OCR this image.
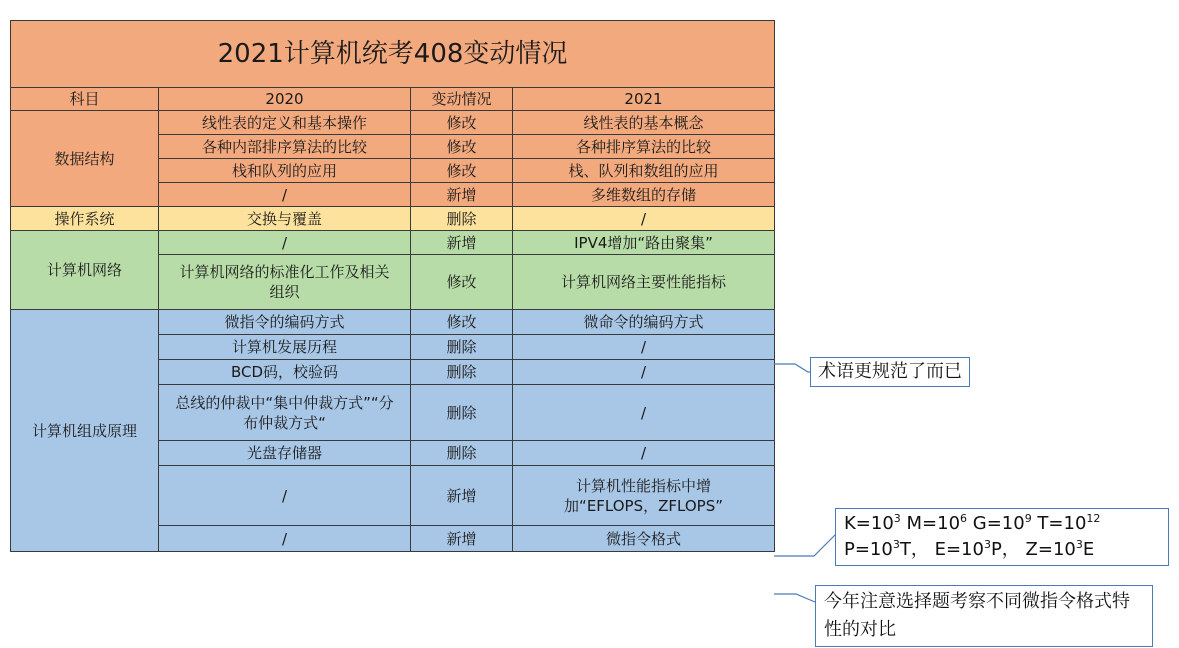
2021计算机统考408变动情况			
科目	2020	变动情况	2021
数据结构	线性表的定义和基本操作	修改	线性表的基本概念
	各种内部排序算法的比较	修改	各种排序算法的比较
	栈和队列的应用	修改	栈、队列和数组的应用
	/	新增	多维数组的存储
操作系统	交换与覆盖	删除	/
计算机网络	/	新增	IPV4增加“路由聚集”
	计算机网络的标准化工作及相关组织	修改	计算机网络主要性能指标
计算机组成原理	微指令的编码方式	修改	微命令的编码方式
	计算机发展历程	删除	/
	BCD码，校验码	删除	/
	总线的仲裁中“集中仲裁方式”“分布仲裁方式“	删除	/
	光盘存储器	删除	/
	/	新增	计算机性能指标中增加“EFLOPS，ZFLOPS”
	/	新增	微指令格式
术语更规范了而已
$K=10^3$ $M=10^6$ $G=10^9$ $T=10^{12}$
$P=10^3T$， $E=10^3P$， $Z=10^3E$
今年注意选择题考察不同微指令格式特性的对比
